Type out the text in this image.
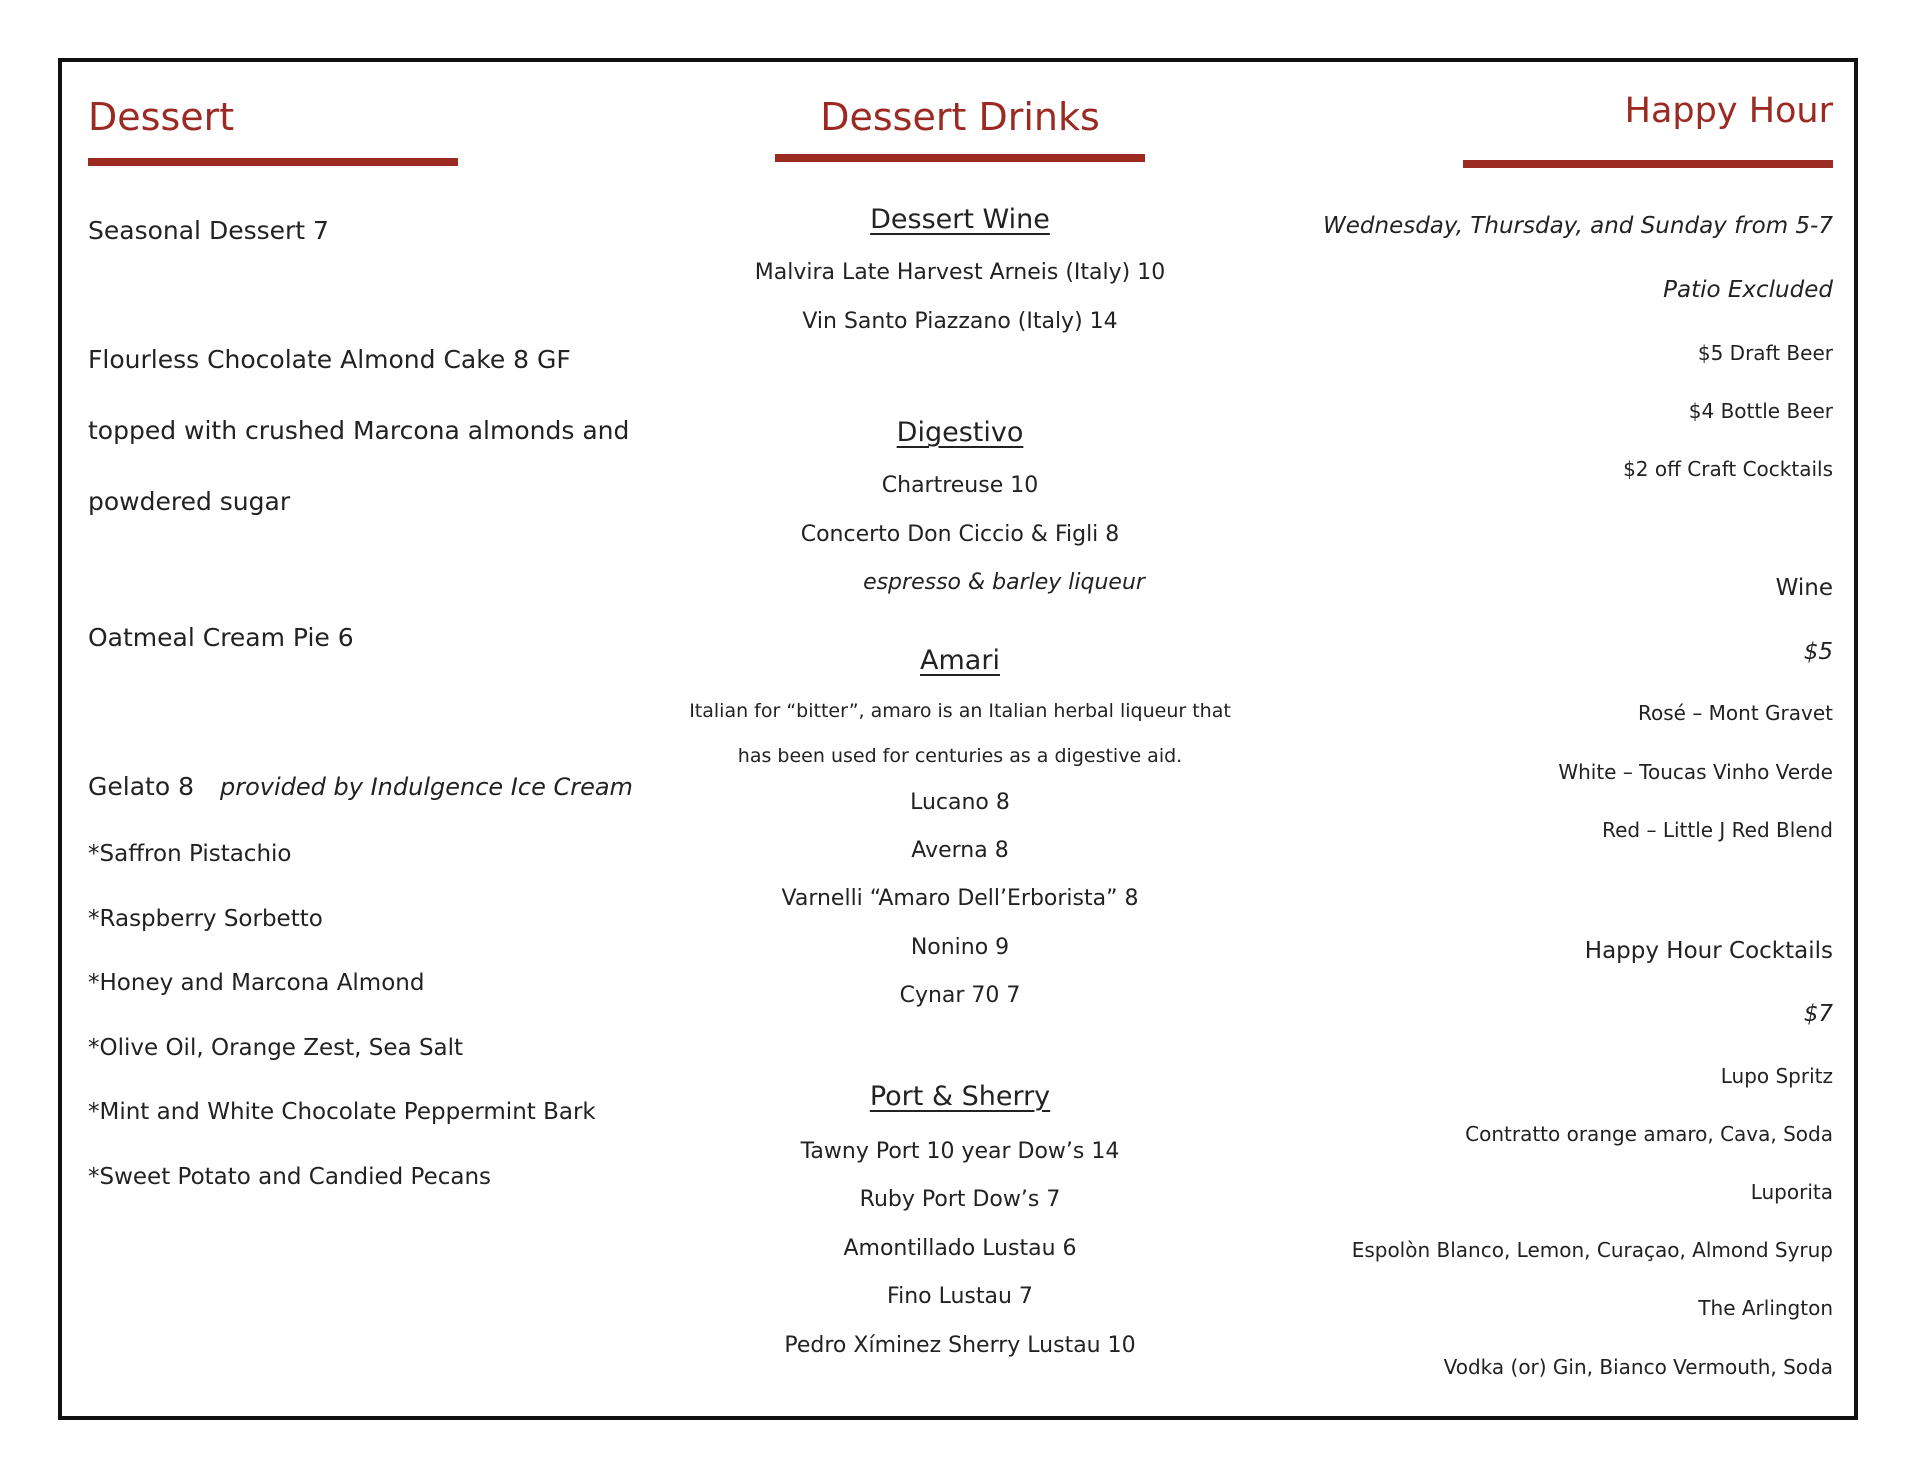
Dessert
Seasonal Dessert 7
Flourless Chocolate Almond Cake 8 GF
topped with crushed Marcona almonds and
powdered sugar
Oatmeal Cream Pie 6
Gelato 8 provided by Indulgence Ice Cream
*Saffron Pistachio
*Raspberry Sorbetto
*Honey and Marcona Almond
*Olive Oil, Orange Zest, Sea Salt
*Mint and White Chocolate Peppermint Bark
*Sweet Potato and Candied Pecans
Dessert Drinks
Dessert Wine
Malvira Late Harvest Arneis (Italy) 10
Vin Santo Piazzano (Italy) 14
Digestivo
Chartreuse 10
Concerto Don Ciccio & Figli 8
espresso & barley liqueur
Amari
Italian for “bitter”, amaro is an Italian herbal liqueur that
has been used for centuries as a digestive aid.
Lucano 8
Averna 8
Varnelli “Amaro Dell’Erborista” 8
Nonino 9
Cynar 70 7
Port & Sherry
Tawny Port 10 year Dow’s 14
Ruby Port Dow’s 7
Amontillado Lustau 6
Fino Lustau 7
Pedro Xíminez Sherry Lustau 10
Happy Hour
Wednesday, Thursday, and Sunday from 5-7
Patio Excluded
$5 Draft Beer
$4 Bottle Beer
$2 off Craft Cocktails
Wine
$5
Rosé – Mont Gravet
White – Toucas Vinho Verde
Red – Little J Red Blend
Happy Hour Cocktails
$7
Lupo Spritz
Contratto orange amaro, Cava, Soda
Luporita
Espolòn Blanco, Lemon, Curaçao, Almond Syrup
The Arlington
Vodka (or) Gin, Bianco Vermouth, Soda
